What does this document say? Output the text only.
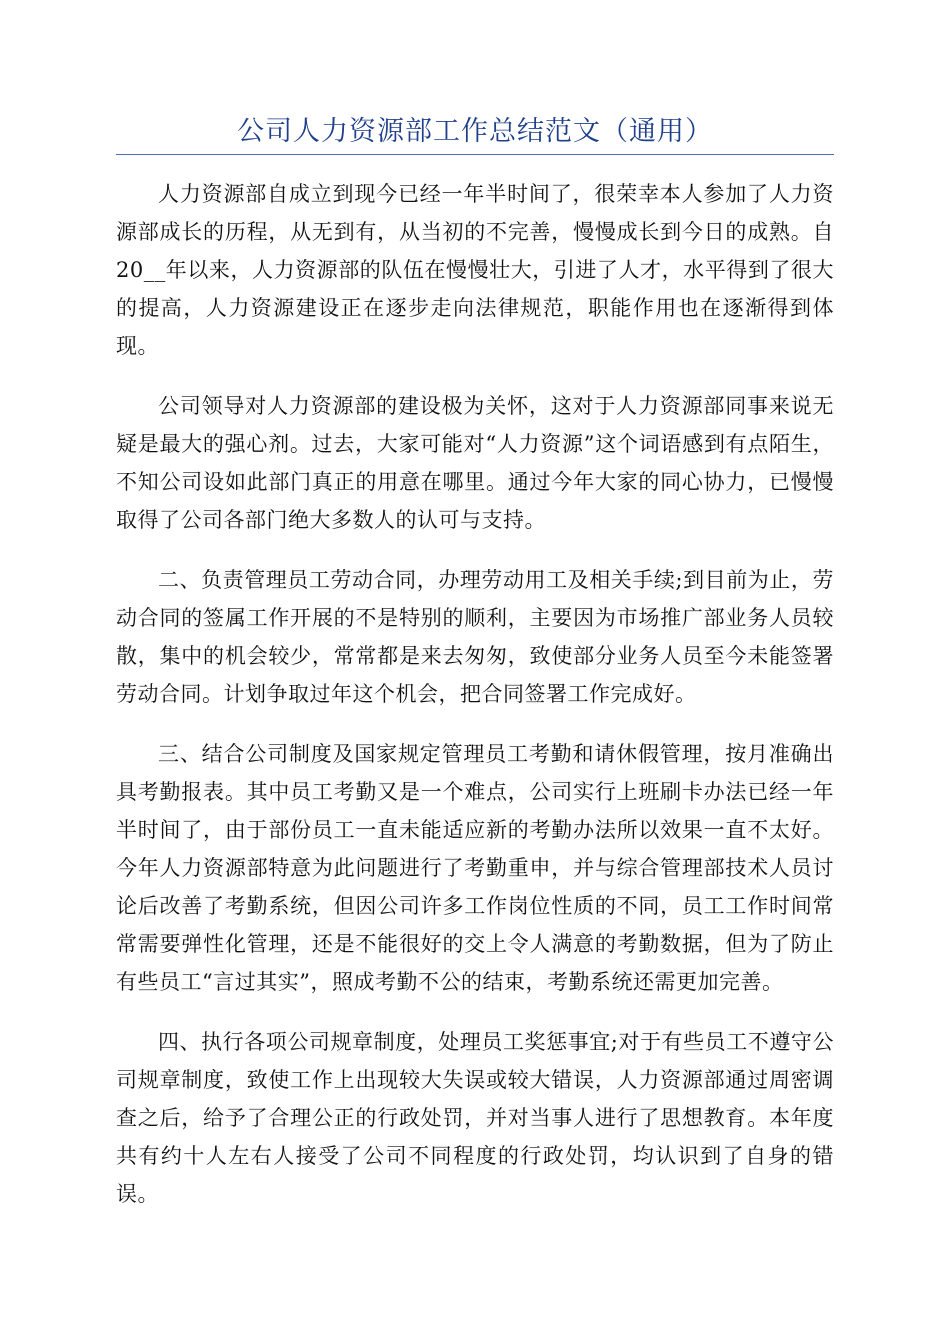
公司人力资源部工作总结范文（通用）

人力资源部自成立到现今已经一年半时间了，很荣幸本人参加了人力资源部成长的历程，从无到有，从当初的不完善，慢慢成长到今日的成熟。自20__年以来，人力资源部的队伍在慢慢壮大，引进了人才，水平得到了很大的提高，人力资源建设正在逐步走向法律规范，职能作用也在逐渐得到体现。

公司领导对人力资源部的建设极为关怀，这对于人力资源部同事来说无疑是最大的强心剂。过去，大家可能对“人力资源”这个词语感到有点陌生，不知公司设如此部门真正的用意在哪里。通过今年大家的同心协力，已慢慢取得了公司各部门绝大多数人的认可与支持。

二、负责管理员工劳动合同，办理劳动用工及相关手续;到目前为止，劳动合同的签属工作开展的不是特别的顺利，主要因为市场推广部业务人员较散，集中的机会较少，常常都是来去匆匆，致使部分业务人员至今未能签署劳动合同。计划争取过年这个机会，把合同签署工作完成好。

三、结合公司制度及国家规定管理员工考勤和请休假管理，按月准确出具考勤报表。其中员工考勤又是一个难点，公司实行上班刷卡办法已经一年半时间了，由于部份员工一直未能适应新的考勤办法所以效果一直不太好。今年人力资源部特意为此问题进行了考勤重申，并与综合管理部技术人员讨论后改善了考勤系统，但因公司许多工作岗位性质的不同，员工工作时间常常需要弹性化管理，还是不能很好的交上令人满意的考勤数据，但为了防止有些员工“言过其实”，照成考勤不公的结束，考勤系统还需更加完善。

四、执行各项公司规章制度，处理员工奖惩事宜;对于有些员工不遵守公司规章制度，致使工作上出现较大失误或较大错误，人力资源部通过周密调查之后，给予了合理公正的行政处罚，并对当事人进行了思想教育。本年度共有约十人左右人接受了公司不同程度的行政处罚，均认识到了自身的错误。
